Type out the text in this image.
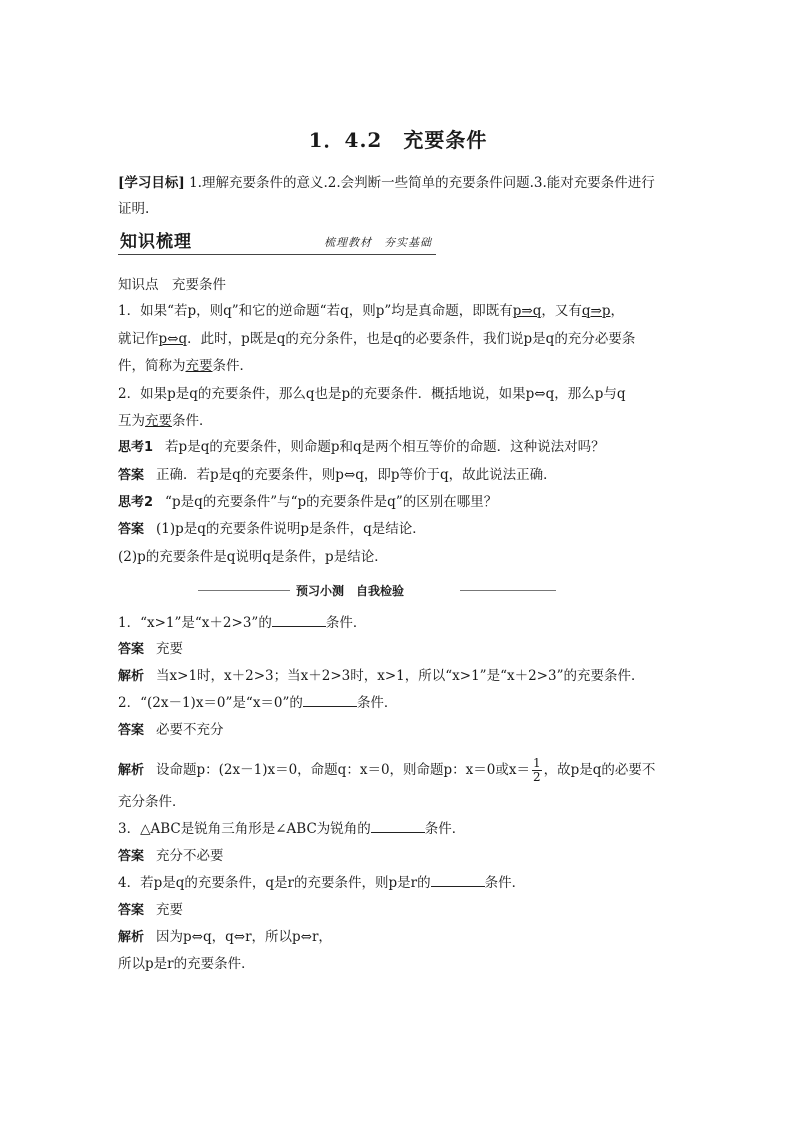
1．4.2　充要条件
[学习目标] 1.理解充要条件的意义.2.会判断一些简单的充要条件问题.3.能对充要条件进行
证明.
知识梳理	梳理教材　夯实基础
知识点　充要条件
1．如果“若p，则q”和它的逆命题“若q，则p”均是真命题，即既有p⇒q，又有q⇒p，
就记作p⇔q．此时，p既是q的充分条件，也是q的必要条件，我们说p是q的充分必要条
件，简称为充要条件．
2．如果p是q的充要条件，那么q也是p的充要条件．概括地说，如果p⇔q，那么p与q
互为充要条件．
思考1 若p是q的充要条件，则命题p和q是两个相互等价的命题．这种说法对吗？
答案 正确．若p是q的充要条件，则p⇔q，即p等价于q，故此说法正确．
思考2 “p是q的充要条件”与“p的充要条件是q”的区别在哪里？
答案 (1)p是q的充要条件说明p是条件，q是结论．
(2)p的充要条件是q说明q是条件，p是结论．
预习小测　自我检验
1．“x>1”是“x＋2>3”的	条件．
答案 充要
解析 当x>1时，x＋2>3；当x＋2>3时，x>1，所以“x>1”是“x＋2>3”的充要条件．
2．“(2x－1)x＝0”是“x＝0”的	条件．
答案 必要不充分
解析 设命题p：(2x－1)x＝0，命题q：x＝0，则命题p：x＝0或$x= \frac{1}{2}$ ，故p是q的必要不
充分条件．
3．△ABC是锐角三角形是∠ABC为锐角的	条件．
答案 充分不必要
4．若p是q的充要条件，q是r的充要条件，则p是r的	条件．
答案 充要
解析 因为p⇔q，q⇔r，所以p⇔r，
所以p是r的充要条件．
